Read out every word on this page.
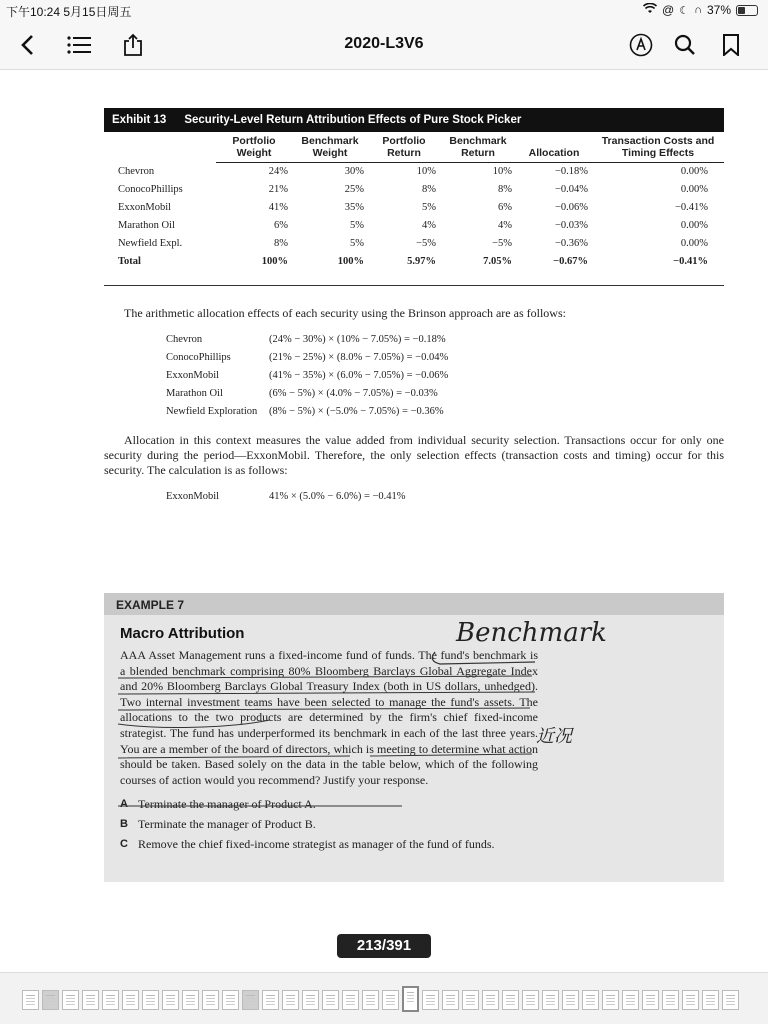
下午10:24 5月15日周五	@ ☾ ∩ 37%
2020-L3V6
Exhibit 13 Security-Level Return Attribution Effects of Pure Stock Picker
	Portfolio Weight	Benchmark Weight	Portfolio Return	Benchmark Return	Allocation	Transaction Costs and Timing Effects
Chevron	24%	30%	10%	10%	−0.18%	0.00%
ConocoPhillips	21%	25%	8%	8%	−0.04%	0.00%
ExxonMobil	41%	35%	5%	6%	−0.06%	−0.41%
Marathon Oil	6%	5%	4%	4%	−0.03%	0.00%
Newfield Expl.	8%	5%	−5%	−5%	−0.36%	0.00%
Total	100%	100%	5.97%	7.05%	−0.67%	−0.41%

The arithmetic allocation effects of each security using the Brinson approach are as follows:

Chevron	(24% − 30%) × (10% − 7.05%) = −0.18%
ConocoPhillips	(21% − 25%) × (8.0% − 7.05%) = −0.04%
ExxonMobil	(41% − 35%) × (6.0% − 7.05%) = −0.06%
Marathon Oil	(6% − 5%) × (4.0% − 7.05%) = −0.03%
Newfield Exploration	(8% − 5%) × (−5.0% − 7.05%) = −0.36%

Allocation in this context measures the value added from individual security selection. Transactions occur for only one security during the period—ExxonMobil. Therefore, the only selection effects (transaction costs and timing) occur for this security. The calculation is as follows:

ExxonMobil	41% × (5.0% − 6.0%) = −0.41%
EXAMPLE 7
Macro Attribution

AAA Asset Management runs a fixed-income fund of funds. The fund's benchmark is a blended benchmark comprising 80% Bloomberg Barclays Global Aggregate Index and 20% Bloomberg Barclays Global Treasury Index (both in US dollars, unhedged). Two internal investment teams have been selected to manage the fund's assets. The allocations to the two products are determined by the firm's chief fixed-income strategist. The fund has underperformed its benchmark in each of the last three years. You are a member of the board of directors, which is meeting to determine what action should be taken. Based solely on the data in the table below, which of the following courses of action would you recommend? Justify your response.

A Terminate the manager of Product A.
B Terminate the manager of Product B.
C Remove the chief fixed-income strategist as manager of the fund of funds.
Benchmark
近况
213/391
